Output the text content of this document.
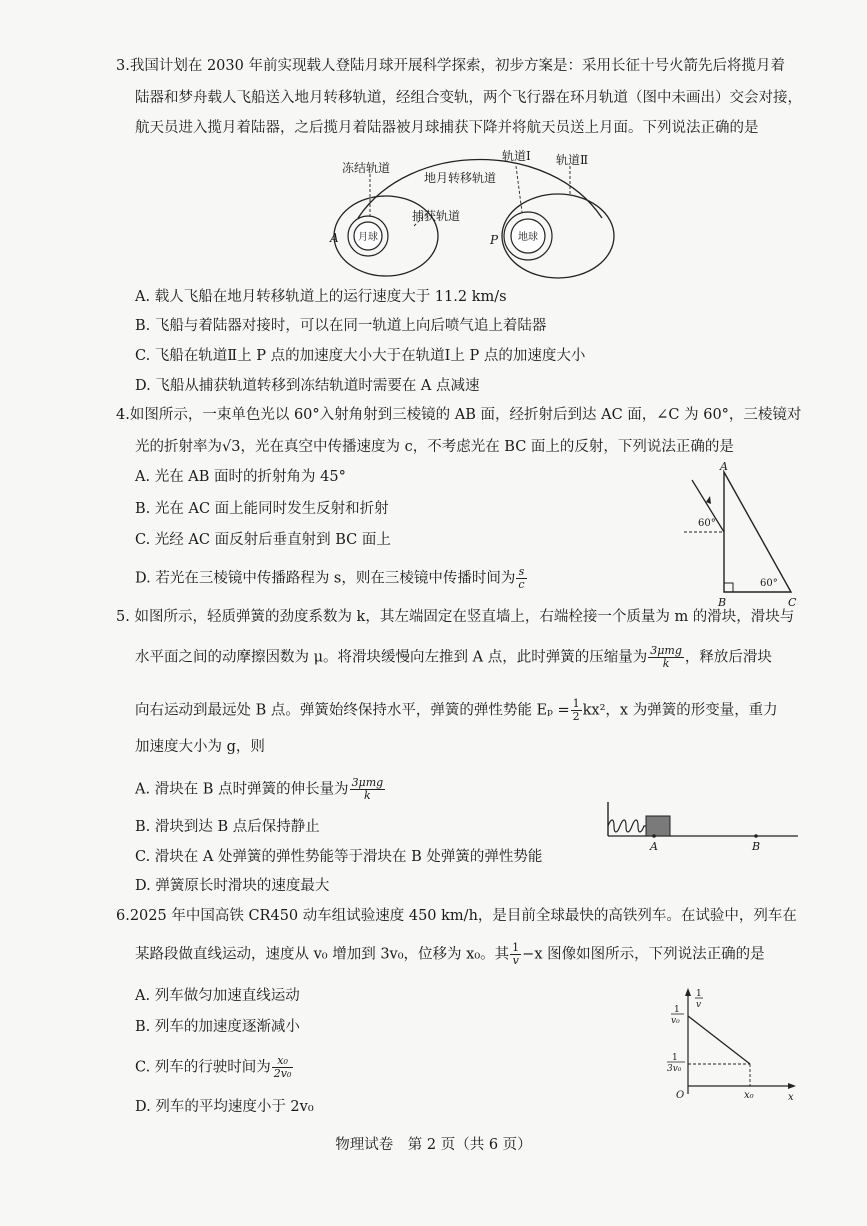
3.我国计划在 2030 年前实现载人登陆月球开展科学探索，初步方案是：采用长征十号火箭先后将揽月着
陆器和梦舟载人飞船送入地月转移轨道，经组合变轨，两个飞行器在环月轨道（图中未画出）交会对接，
航天员进入揽月着陆器，之后揽月着陆器被月球捕获下降并将航天员送上月面。下列说法正确的是
月球	地球
冻结轨道
轨道Ⅰ 轨道Ⅱ
地月转移轨道
捕获轨道
A	P
A. 载人飞船在地月转移轨道上的运行速度大于 11.2 km/s
B. 飞船与着陆器对接时，可以在同一轨道上向后喷气追上着陆器
C. 飞船在轨道Ⅱ上 P 点的加速度大小大于在轨道Ⅰ上 P 点的加速度大小
D. 飞船从捕获轨道转移到冻结轨道时需要在 A 点减速
4.如图所示，一束单色光以 60°入射角射到三棱镜的 AB 面，经折射后到达 AC 面，∠C 为 60°，三棱镜对
光的折射率为√3，光在真空中传播速度为 c，不考虑光在 BC 面上的反射，下列说法正确的是
A. 光在 AB 面时的折射角为 45°
B. 光在 AC 面上能同时发生反射和折射
C. 光经 AC 面反射后垂直射到 BC 面上
D. 若光在三棱镜中传播路程为 s，则在三棱镜中传播时间为 $\frac{s}{c}$
A
B	C
60°
60°
5. 如图所示，轻质弹簧的劲度系数为 k，其左端固定在竖直墙上，右端栓接一个质量为 m 的滑块，滑块与
水平面之间的动摩擦因数为 μ。将滑块缓慢向左推到 A 点，此时弹簧的压缩量为 $\frac{\text{3μmg}}{k}$ ，释放后滑块
向右运动到最远处 B 点。弹簧始终保持水平，弹簧的弹性势能 $E_p = \frac{1}{2} kx^2$，x 为弹簧的形变量，重力
加速度大小为 g，则
A. 滑块在 B 点时弹簧的伸长量为 $\frac{\text{3μmg}}{k}$
B. 滑块到达 B 点后保持静止
C. 滑块在 A 处弹簧的弹性势能等于滑块在 B 处弹簧的弹性势能
D. 弹簧原长时滑块的速度最大
A	B
6.2025 年中国高铁 CR450 动车组试验速度 450 km/h，是目前全球最快的高铁列车。在试验中，列车在
某路段做直线运动，速度从 v₀ 增加到 3v₀，位移为 x₀。其 $\frac{1}{v} -x$ 图像如图所示，下列说法正确的是
A. 列车做匀加速直线运动
B. 列车的加速度逐渐减小
C. 列车的行驶时间为 $\frac{\text{x₀}}{\text{2v₀}}$
D. 列车的平均速度小于 2v₀
1
v
1
v₀
1
3v₀
O	x₀	x
物理试卷　第 2 页（共 6 页）
